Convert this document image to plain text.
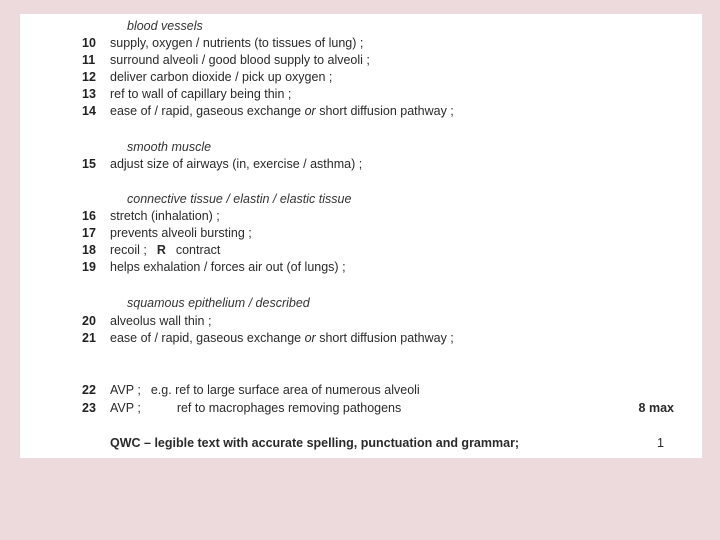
blood vessels
10	supply, oxygen / nutrients (to tissues of lung) ;
11	surround alveoli / good blood supply to alveoli ;
12	deliver carbon dioxide / pick up oxygen ;
13	ref to wall of capillary being thin ;
14	ease of / rapid, gaseous exchange or short diffusion pathway ;
smooth muscle
15	adjust size of airways (in, exercise / asthma) ;
connective tissue / elastin / elastic tissue
16	stretch (inhalation) ;
17	prevents alveoli bursting ;
18	recoil ; R contract
19	helps exhalation / forces air out (of lungs) ;
squamous epithelium / described
20	alveolus wall thin ;
21	ease of / rapid, gaseous exchange or short diffusion pathway ;
22	AVP ; e.g. ref to large surface area of numerous alveoli
23	AVP ;	ref to macrophages removing pathogens	8 max
QWC – legible text with accurate spelling, punctuation and grammar;	1
